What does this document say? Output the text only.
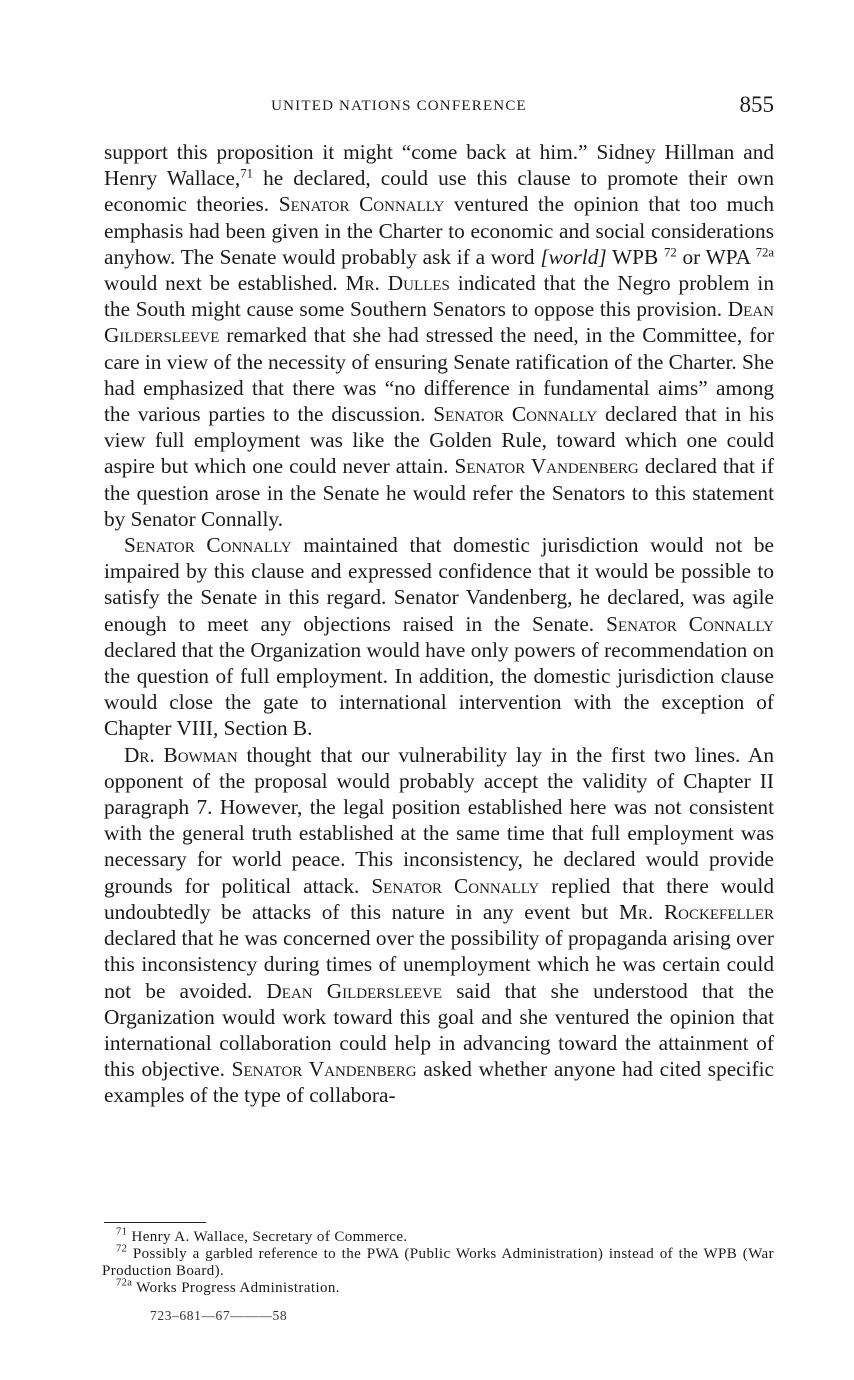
UNITED NATIONS CONFERENCE	855

support this proposition it might “come back at him.” Sidney Hillman and Henry Wallace,$^{71}$ he declared, could use this clause to promote their own economic theories. Senator Connally ventured the opinion that too much emphasis had been given in the Charter to economic and social considerations anyhow. The Senate would probably ask if a word [world] WPB $^{72}$ or WPA $^{72a}$ would next be established. Mr. Dulles indicated that the Negro problem in the South might cause some Southern Senators to oppose this provision. Dean Gildersleeve remarked that she had stressed the need, in the Committee, for care in view of the necessity of ensuring Senate ratification of the Charter. She had emphasized that there was “no difference in fundamental aims” among the various parties to the discussion. Senator Connally declared that in his view full employment was like the Golden Rule, toward which one could aspire but which one could never attain. Senator Vandenberg declared that if the question arose in the Senate he would refer the Senators to this statement by Senator Connally.

Senator Connally maintained that domestic jurisdiction would not be impaired by this clause and expressed confidence that it would be possible to satisfy the Senate in this regard. Senator Vandenberg, he declared, was agile enough to meet any objections raised in the Senate. Senator Connally declared that the Organization would have only powers of recommendation on the question of full employment. In addition, the domestic jurisdiction clause would close the gate to international intervention with the exception of Chapter VIII, Section B.

Dr. Bowman thought that our vulnerability lay in the first two lines. An opponent of the proposal would probably accept the validity of Chapter II paragraph 7. However, the legal position established here was not consistent with the general truth established at the same time that full employment was necessary for world peace. This inconsistency, he declared would provide grounds for political attack. Senator Connally replied that there would undoubtedly be attacks of this nature in any event but Mr. Rockefeller declared that he was concerned over the possibility of propaganda arising over this inconsistency during times of unemployment which he was certain could not be avoided. Dean Gildersleeve said that she understood that the Organization would work toward this goal and she ventured the opinion that international collaboration could help in advancing toward the attainment of this objective. Senator Vandenberg asked whether anyone had cited specific examples of the type of collabora-

$^{71}$ Henry A. Wallace, Secretary of Commerce.

$^{72}$ Possibly a garbled reference to the PWA (Public Works Administration) instead of the WPB (War Production Board).

$^{72a}$ Works Progress Administration.

723–681—67———58
